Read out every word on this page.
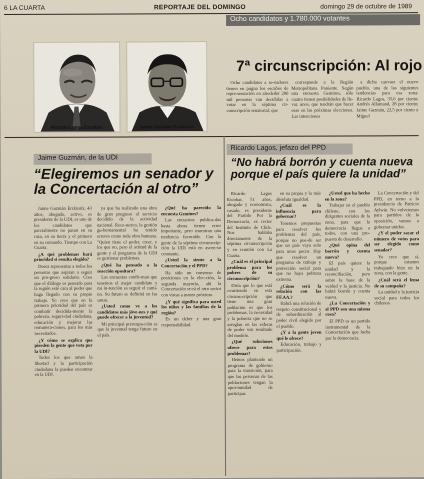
6 LA CUARTA	REPORTAJE DEL DOMINGO	domingo 29 de octubre de 1989
Ricardo Lagos Escobar.	Jaime Guzmán Errázuriz.
Ocho candidatos y 1.780.000 votantes
7ª circunscripción: Al rojo

Ocho candidatos a se-nadores tienen en pugna los escaños de repre-sentación en alrededor 200 mil personas van decididas a votar en la séptima cir-cunscripción senatorial, que

corresponde a la Región Metropolitana Poniente. Según una encuesta Gemines, sólo cuatro tienen posibilidades de lle-var, unos, que tendrán que hacer esas en las próximas elecciones. Las intenciones

a dicha canvasr el nuevo pueblo, una de las siguientes tendencias para esa zona: Ricardo Lagos, 35,6 por ciento; Andrés Allamand, 28 por ciento; Jaime Guzmán, 22,5 por ciento y Miguel

Jaime Guzmán, de la UDI
“Elegiremos un senador y la Concertación al otro”

Jaime Guzmán Errázuriz, 43 años, abogado, activo, es presidente de la UDI, es uno de los candidatos que parcialmente no pasan en su raza, en su tierra y el primero en su comando. Tiempo con La Cuarta.

¿A qué problemas hará prioridad si resulta elegido?

Desea representar a todos los personas que aspiran a seguir un pro-greso solidario. Creo que el diálogo es pensado para la región esté cara al poder que haga llegado con su propio trabajo. Yo creo que en la primera prioridad del país es combatir decidida-mente la pobreza, seguri-dad ciudadana, educación y mejorar las remunera-ciones, para los más necesitados.

¿Y cómo se explica que pierden la gente que vota por la UDI?

Todos los que aman la libertad y la participación ciudadana la pueden encontrar en la UDI.

ya que ha realizado una obra de gran progreso al servicio decidido de la actividad nacional. Reco-nozco, la gestión gu-bernamental ha tenido errores como toda obra humana. "Quien tiene el poder, creer, y los que no, pero el actitud de la gente y el programa de la UDI es gestionar problemas.

¿Qué ha pensado a la reacción opositora?

Las encuestas confir-man que tenemos el mejor candidato y mi in-tención es seguir el cami-no. Su futuro se definirá en las urnas.

¿Usted como ve a los candidatos más jóve-nes y qué puede ofrecer a la juventud?

Mi principal preocupa-ción es que la juventud tenga futuro en el país.

¿Qué ha parecido la encuesta Gemines?

Las encuestas publica-das hasta ahora tienen error importante, pero muestran una tendencia favorable. Con la gente de la séptima circunscrip-ción la UDI está en ascen-so constante.

¿Usted la siente a la Concertación y el PPD?

Ha sido un consenso de posiciones en la elec-ción, la segunda mayoría, ahí la Concertación se-rá el otro sector con vistas a marzo próximo.

¿Y qué significa para usted los niños y las familias de la región?

Es un deber y una gran responsabilidad.

Ricardo Lagos, jefazo del PPD
“No habrá borrón y cuenta nueva porque el país quiere la unidad”

Ricardo Lagos Escobar, 51 años, abogado y economista, casado, es presidente del Partido Por la Democracia, ex rector del Instituto de Chile. Nos hablaba directamente de la séptima circunscripción y en reunión con La Cuarta.

¿Cuál es el principal problema para los pobres de su circunscripción?

Diría que lo que está ocurriendo en esta circuns-cripción que tiene una gran población es que los problemas, la necesidad y la pobreza que no se arreglan en las esferas de poder son resultado del modelo.

¿Qué soluciones ofrece para estos problemas?

Hemos planteado un programa de gobierno para la transición, para que las personas de las poblaciones tengan la opor-tunidad de participar.

en su propia y la más absoluta igualdad.

¿Cuál es la influencia para gobernar?

Tenemos propuestas para resolver los problemas del país, porque no pue-de ser que un país vaya solo para unos pocos. Hay que resolver un programa de trabajo y protección social para que no haya pobreza extrema.

¿Cómo será la relación con las FF.AA.?

Habrá una relación de respeto constitucional y de subordinación al poder civil elegido por el pueblo.

¿Y a la gente joven qué le ofrece?

Educación, trabajo y participación.

¿Usted que ha hecho en la zona?

Trabajar en el pueblo chileno, con los dirigentes sociales de la zona, para que la democracia llegue a todos, con una pro-puesta de desarrollo.

¿Qué opina del borrón y cuenta nueva?

El país quiere la unidad y la reconciliación, pero sobre la base de la verdad y la justicia. No habrá borrón y cuenta nueva.

¿La Concertación y el PPD son una misma cosa?

El PPD es un partido instrumental de la Concertación que lucha por la democracia.

La Concertación y del PPD, en torno a la presidencia de Patricio Aylwin. No volveremos para partidos de la oposición, vamos a gobernar unidos.

¿Y el poder sacar el número de votos para ser elegido como senador?

Yo creo que sí, porque estamos trabajando bien en la zona, con la gente.

¿Cuál será el lema de su campaña?

La unidad y la justicia social para todos los chilenos.
